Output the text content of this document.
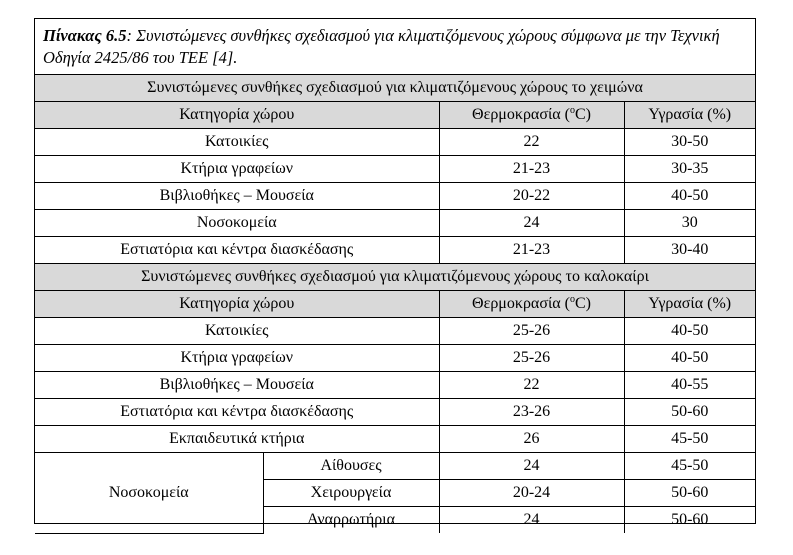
Πίνακας 6.5: Συνιστώμενες συνθήκες σχεδιασμού για κλιματιζόμενους χώρους σύμφωνα με την Τεχνική Οδηγία 2425/86 του ΤΕΕ [4].
Συνιστώμενες συνθήκες σχεδιασμού για κλιματιζόμενους χώρους το χειμώνα			
Κατηγορία χώρου		Θερμοκρασία ($^o$C)	Υγρασία (%)
Κατοικίες		22	30-50
Κτήρια γραφείων		21-23	30-35
Βιβλιοθήκες – Μουσεία		20-22	40-50
Νοσοκομεία		24	30
Εστιατόρια και κέντρα διασκέδασης		21-23	30-40
Συνιστώμενες συνθήκες σχεδιασμού για κλιματιζόμενους χώρους το καλοκαίρι			
Κατηγορία χώρου		Θερμοκρασία ($^o$C)	Υγρασία (%)
Κατοικίες		25-26	40-50
Κτήρια γραφείων		25-26	40-50
Βιβλιοθήκες – Μουσεία		22	40-55
Εστιατόρια και κέντρα διασκέδασης		23-26	50-60
Εκπαιδευτικά κτήρια		26	45-50
Νοσοκομεία	Αίθουσες	24	45-50
	Χειρουργεία	20-24	50-60
	Αναρρωτήρια	24	50-60
